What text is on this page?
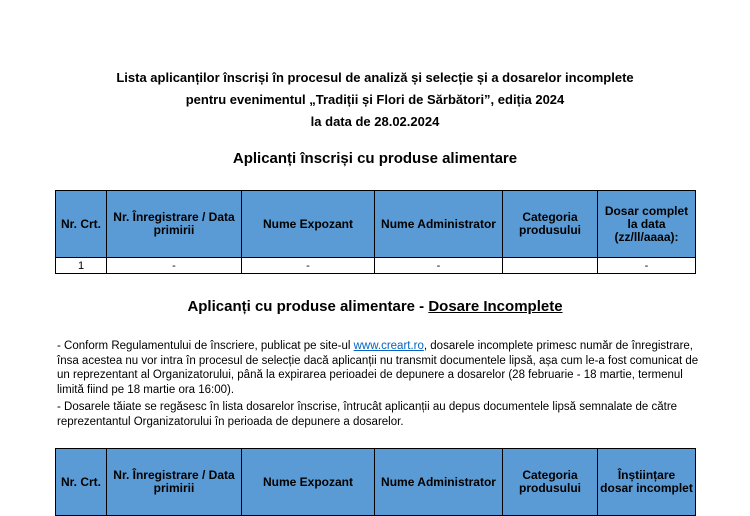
Lista aplicanților înscriși în procesul de analiză și selecție și a dosarelor incomplete
pentru evenimentul „Tradiții și Flori de Sărbători”, ediția 2024
la data de 28.02.2024
Aplicanți înscriși cu produse alimentare
Nr. Crt.	Nr. Înregistrare / Data primirii	Nume Expozant	Nume Administrator	Categoria produsului	Dosar complet la data (zz/ll/aaaa):
1	-	-	-		-
Aplicanți cu produse alimentare - Dosare Incomplete
- Conform Regulamentului de înscriere, publicat pe site-ul www.creart.ro, dosarele incomplete primesc număr de înregistrare, însa acestea nu vor intra în procesul de selecție dacă aplicanții nu transmit documentele lipsă, așa cum le-a fost comunicat de un reprezentant al Organizatorului, până la expirarea perioadei de depunere a dosarelor (28 februarie - 18 martie, termenul limită fiind pe 18 martie ora 16:00).
- Dosarele tăiate se regăsesc în lista dosarelor înscrise, întrucât aplicanții au depus documentele lipsă semnalate de către reprezentantul Organizatorului în perioada de depunere a dosarelor.
Nr. Crt.	Nr. Înregistrare / Data primirii	Nume Expozant	Nume Administrator	Categoria produsului	Înștiințare dosar incomplet
